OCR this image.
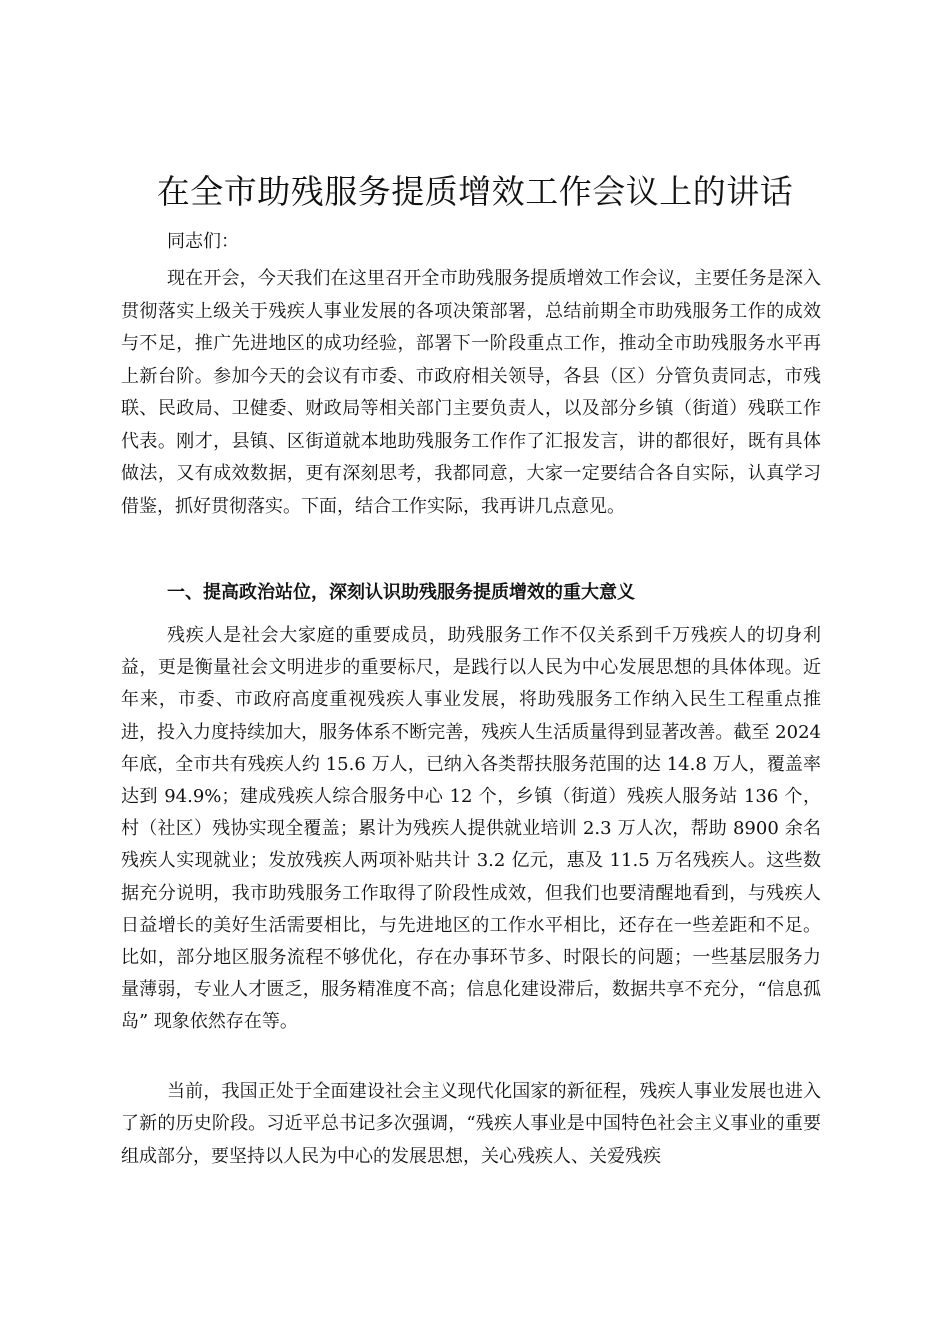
在全市助残服务提质增效工作会议上的讲话

同志们：

现在开会，今天我们在这里召开全市助残服务提质增效工作会议，主要任务是深入贯彻落实上级关于残疾人事业发展的各项决策部署，总结前期全市助残服务工作的成效与不足，推广先进地区的成功经验，部署下一阶段重点工作，推动全市助残服务水平再上新台阶。参加今天的会议有市委、市政府相关领导，各县（区）分管负责同志，市残联、民政局、卫健委、财政局等相关部门主要负责人，以及部分乡镇（街道）残联工作代表。刚才，县镇、区街道就本地助残服务工作作了汇报发言，讲的都很好，既有具体做法，又有成效数据，更有深刻思考，我都同意，大家一定要结合各自实际，认真学习借鉴，抓好贯彻落实。下面，结合工作实际，我再讲几点意见。

一、提高政治站位，深刻认识助残服务提质增效的重大意义

残疾人是社会大家庭的重要成员，助残服务工作不仅关系到千万残疾人的切身利益，更是衡量社会文明进步的重要标尺，是践行以人民为中心发展思想的具体体现。近年来，市委、市政府高度重视残疾人事业发展，将助残服务工作纳入民生工程重点推进，投入力度持续加大，服务体系不断完善，残疾人生活质量得到显著改善。截至 2024 年底，全市共有残疾人约 15.6 万人，已纳入各类帮扶服务范围的达 14.8 万人，覆盖率达到 94.9%；建成残疾人综合服务中心 12 个，乡镇（街道）残疾人服务站 136 个，村（社区）残协实现全覆盖；累计为残疾人提供就业培训 2.3 万人次，帮助 8900 余名残疾人实现就业；发放残疾人两项补贴共计 3.2 亿元，惠及 11.5 万名残疾人。这些数据充分说明，我市助残服务工作取得了阶段性成效，但我们也要清醒地看到，与残疾人日益增长的美好生活需要相比，与先进地区的工作水平相比，还存在一些差距和不足。比如，部分地区服务流程不够优化，存在办事环节多、时限长的问题；一些基层服务力量薄弱，专业人才匮乏，服务精准度不高；信息化建设滞后，数据共享不充分，“信息孤岛” 现象依然存在等。

当前，我国正处于全面建设社会主义现代化国家的新征程，残疾人事业发展也进入了新的历史阶段。习近平总书记多次强调，“残疾人事业是中国特色社会主义事业的重要组成部分，要坚持以人民为中心的发展思想，关心残疾人、关爱残疾
